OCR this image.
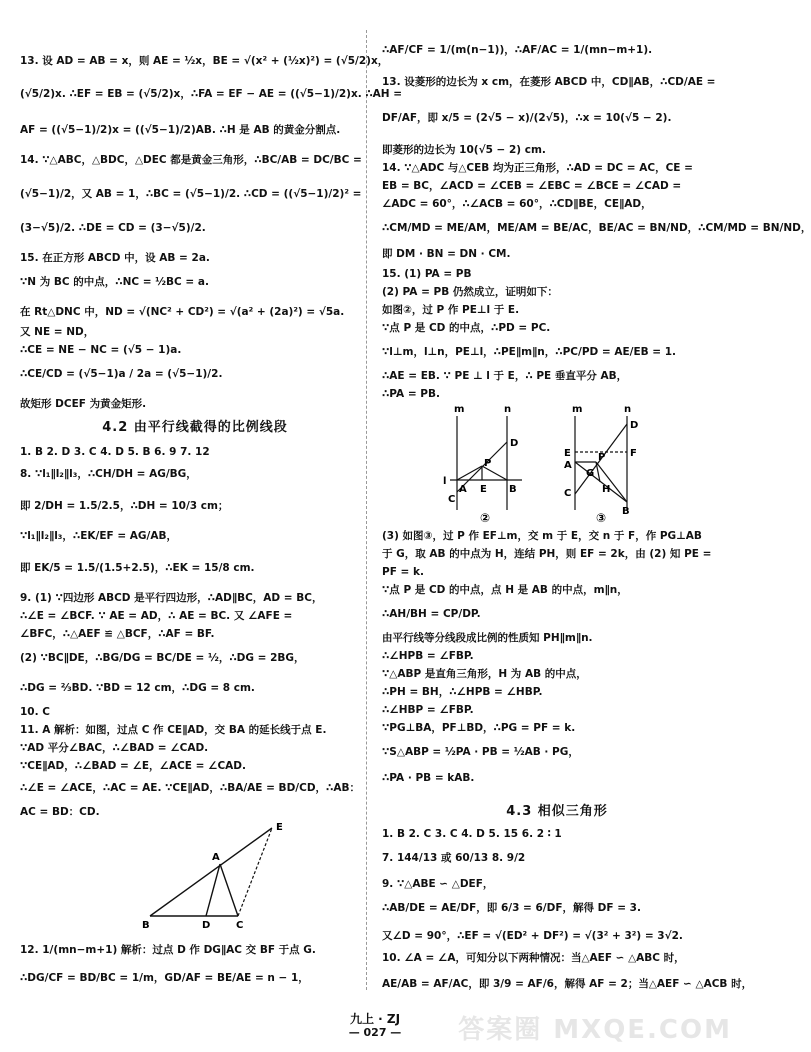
4.2 由平行线截得的比例线段
E
A
B	D	C
13. 设 AD = AB = x，则 AE = ½x，BE = √(x² + (½x)²) = (√5/2)x，
(√5/2)x. ∴EF = EB = (√5/2)x，∴FA = EF − AE = ((√5−1)/2)x. ∴AH =
AF = ((√5−1)/2)x = ((√5−1)/2)AB. ∴H 是 AB 的黄金分割点.
14. ∵△ABC，△BDC，△DEC 都是黄金三角形，∴BC/AB = DC/BC =
(√5−1)/2，又 AB = 1，∴BC = (√5−1)/2. ∴CD = ((√5−1)/2)² =
(3−√5)/2. ∴DE = CD = (3−√5)/2.
15. 在正方形 ABCD 中，设 AB = 2a.
∵N 为 BC 的中点，∴NC = ½BC = a.
在 Rt△DNC 中，ND = √(NC² + CD²) = √(a² + (2a)²) = √5a.
又 NE = ND，
∴CE = NE − NC = (√5 − 1)a.
∴CE/CD = (√5−1)a / 2a = (√5−1)/2.
故矩形 DCEF 为黄金矩形.
1. B 2. D 3. C 4. D 5. B 6. 9 7. 12
8. ∵l₁∥l₂∥l₃，∴CH/DH = AG/BG，
即 2/DH = 1.5/2.5，∴DH = 10/3 cm；
∵l₁∥l₂∥l₃，∴EK/EF = AG/AB，
即 EK/5 = 1.5/(1.5+2.5)，∴EK = 15/8 cm.
9. (1) ∵四边形 ABCD 是平行四边形，∴AD∥BC，AD = BC，
∴∠E = ∠BCF. ∵ AE = AD，∴ AE = BC. 又 ∠AFE =
∠BFC，∴△AEF ≌ △BCF，∴AF = BF.
(2) ∵BC∥DE，∴BG/DG = BC/DE = ½，∴DG = 2BG，
∴DG = ⅔BD. ∵BD = 12 cm，∴DG = 8 cm.
10. C
11. A 解析：如图，过点 C 作 CE∥AD，交 BA 的延长线于点 E.
∵AD 平分∠BAC，∴∠BAD = ∠CAD.
∵CE∥AD，∴∠BAD = ∠E，∠ACE = ∠CAD.
∴∠E = ∠ACE，∴AC = AE. ∵CE∥AD，∴BA/AE = BD/CD，∴AB：
AC = BD：CD.
12. 1/(mn−m+1) 解析：过点 D 作 DG∥AC 交 BF 于点 G.
∴DG/CF = BD/BC = 1/m，GD/AF = BE/AE = n − 1，
m	n
D
P
l
A E B
C
②
m	n
D
F
E
A
P
G
C	H
B
③
4.3 相似三角形
∴AF/CF = 1/(m(n−1))，∴AF/AC = 1/(mn−m+1).
13. 设菱形的边长为 x cm，在菱形 ABCD 中，CD∥AB，∴CD/AE =
DF/AF，即 x/5 = (2√5 − x)/(2√5)，∴x = 10(√5 − 2).
即菱形的边长为 10(√5 − 2) cm.
14. ∵△ADC 与△CEB 均为正三角形，∴AD = DC = AC，CE =
EB = BC，∠ACD = ∠CEB = ∠EBC = ∠BCE = ∠CAD =
∠ADC = 60°，∴∠ACB = 60°，∴CD∥BE，CE∥AD，
∴CM/MD = ME/AM，ME/AM = BE/AC，BE/AC = BN/ND，∴CM/MD = BN/ND，
即 DM · BN = DN · CM.
15. (1) PA = PB
(2) PA = PB 仍然成立，证明如下：
如图②，过 P 作 PE⊥l 于 E.
∵点 P 是 CD 的中点，∴PD = PC.
∵l⊥m，l⊥n，PE⊥l，∴PE∥m∥n，∴PC/PD = AE/EB = 1.
∴AE = EB. ∵ PE ⊥ l 于 E，∴ PE 垂直平分 AB，
∴PA = PB.
(3) 如图③，过 P 作 EF⊥m，交 m 于 E，交 n 于 F，作 PG⊥AB
于 G，取 AB 的中点为 H，连结 PH，则 EF = 2k，由 (2) 知 PE =
PF = k.
∵点 P 是 CD 的中点，点 H 是 AB 的中点，m∥n，
∴AH/BH = CP/DP.
由平行线等分线段成比例的性质知 PH∥m∥n.
∴∠HPB = ∠FBP.
∵△ABP 是直角三角形，H 为 AB 的中点，
∴PH = BH，∴∠HPB = ∠HBP.
∴∠HBP = ∠FBP.
∵PG⊥BA，PF⊥BD，∴PG = PF = k.
∵S△ABP = ½PA · PB = ½AB · PG，
∴PA · PB = kAB.
1. B 2. C 3. C 4. D 5. 15 6. 2 ∶ 1
7. 144/13 或 60/13 8. 9/2
9. ∵△ABE ∽ △DEF，
∴AB/DE = AE/DF，即 6/3 = 6/DF，解得 DF = 3.
又∠D = 90°，∴EF = √(ED² + DF²) = √(3² + 3²) = 3√2.
10. ∠A = ∠A，可知分以下两种情况：当△AEF ∽ △ABC 时，
AE/AB = AF/AC，即 3/9 = AF/6，解得 AF = 2；当△AEF ∽ △ACB 时，
九上 · ZJ
— 027 —	答案圈 MXQE.COM
